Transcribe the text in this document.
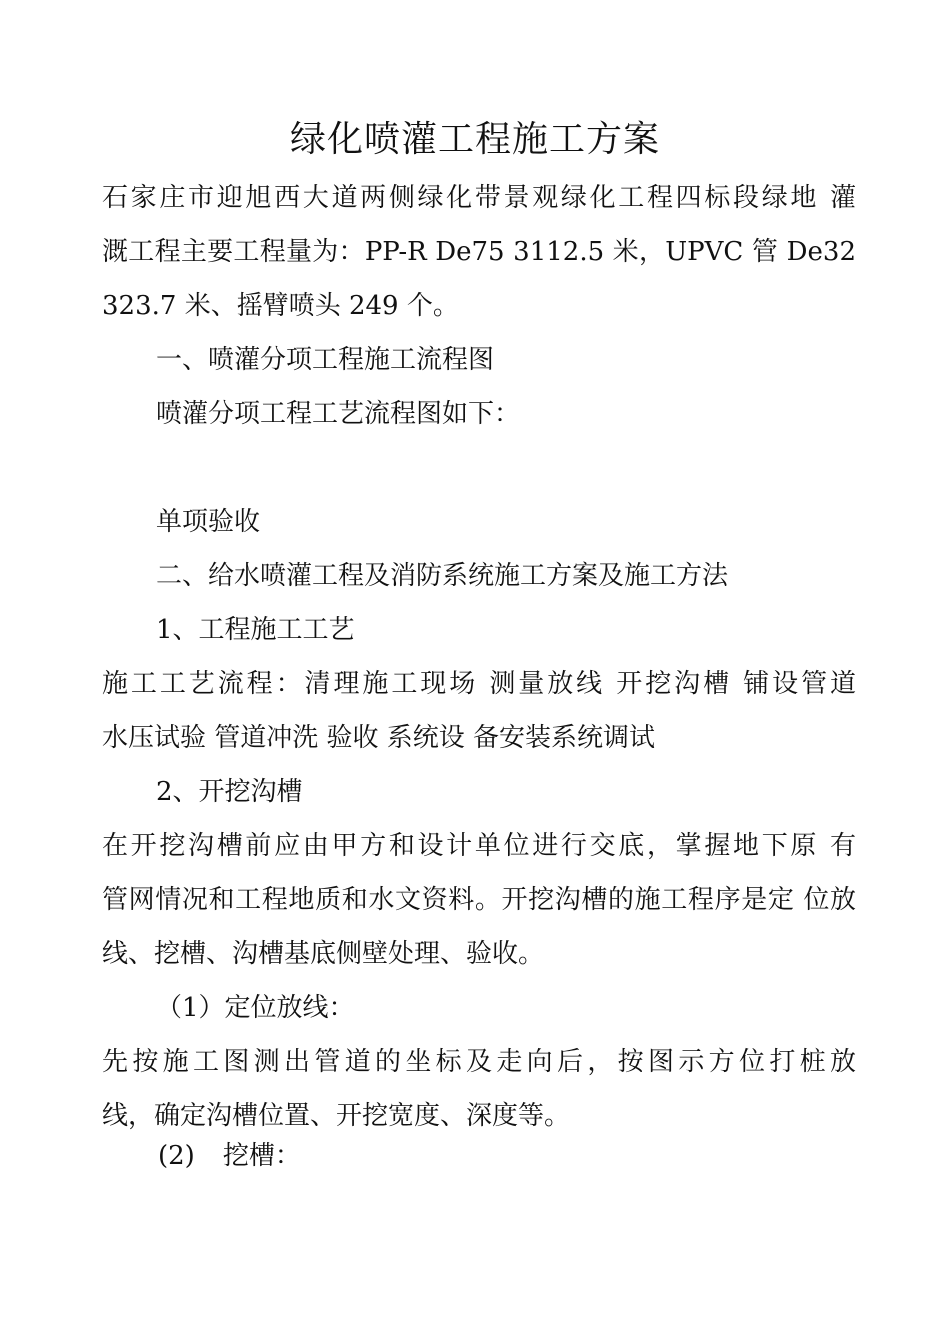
绿化喷灌工程施工方案

石家庄市迎旭西大道两侧绿化带景观绿化工程四标段绿地 灌

溉工程主要工程量为：PP-R De75 3112.5 米，UPVC 管 De32

323.7 米、摇臂喷头 249 个。

一、喷灌分项工程施工流程图

喷灌分项工程工艺流程图如下：

单项验收

二、给水喷灌工程及消防系统施工方案及施工方法

1、工程施工工艺

施工工艺流程：清理施工现场 测量放线 开挖沟槽 铺设管道

水压试验 管道冲洗 验收 系统设 备安装系统调试

2、开挖沟槽

在开挖沟槽前应由甲方和设计单位进行交底，掌握地下原 有

管网情况和工程地质和水文资料。开挖沟槽的施工程序是定 位放

线、挖槽、沟槽基底侧壁处理、验收。

（1）定位放线：

先按施工图测出管道的坐标及走向后，按图示方位打桩放

线，确定沟槽位置、开挖宽度、深度等。

(2) 挖槽：
